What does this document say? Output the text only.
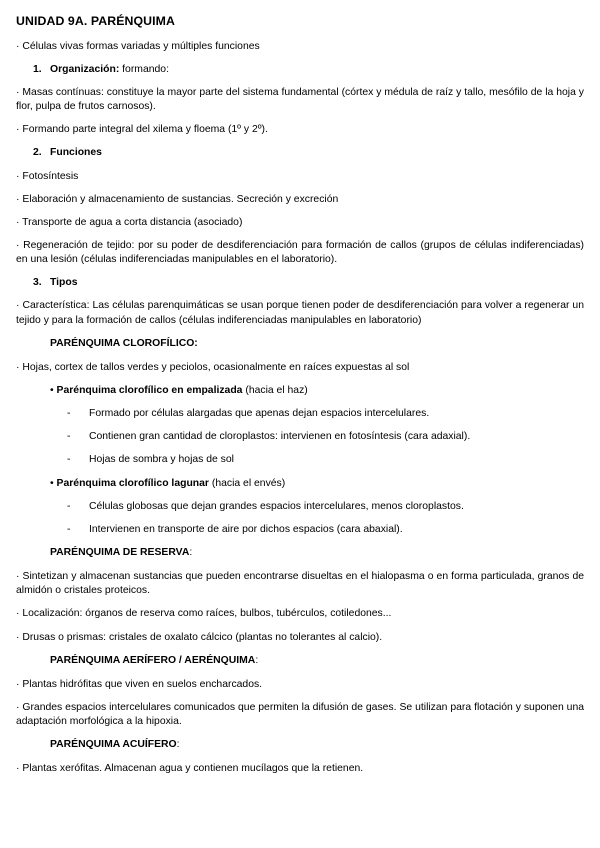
UNIDAD 9A. PARÉNQUIMA

· Células vivas formas variadas y múltiples funciones

1. Organización: formando:

· Masas contínuas: constituye la mayor parte del sistema fundamental (córtex y médula de raíz y tallo, mesófilo de la hoja y flor, pulpa de frutos carnosos).

· Formando parte integral del xilema y floema (1º y 2º).

2. Funciones

· Fotosíntesis

· Elaboración y almacenamiento de sustancias. Secreción y excreción

· Transporte de agua a corta distancia (asociado)

· Regeneración de tejido: por su poder de desdiferenciación para formación de callos (grupos de células indiferenciadas) en una lesión (células indiferenciadas manipulables en el laboratorio).

3. Tipos

· Característica: Las células parenquimáticas se usan porque tienen poder de desdiferenciación para volver a regenerar un tejido y para la formación de callos (células indiferenciadas manipulables en laboratorio)

PARÉNQUIMA CLOROFÍLICO:

· Hojas, cortex de tallos verdes y peciolos, ocasionalmente en raíces expuestas al sol

• Parénquima clorofílico en empalizada (hacia el haz)
-	Formado por células alargadas que apenas dejan espacios intercelulares.
-	Contienen gran cantidad de cloroplastos: intervienen en fotosíntesis (cara adaxial).
-	Hojas de sombra y hojas de sol
• Parénquima clorofílico lagunar (hacia el envés)
-	Células globosas que dejan grandes espacios intercelulares, menos cloroplastos.
-	Intervienen en transporte de aire por dichos espacios (cara abaxial).
PARÉNQUIMA DE RESERVA:

· Sintetizan y almacenan sustancias que pueden encontrarse disueltas en el hialopasma o en forma particulada, granos de almidón o cristales proteicos.

· Localización: órganos de reserva como raíces, bulbos, tubérculos, cotiledones...

· Drusas o prismas: cristales de oxalato cálcico (plantas no tolerantes al calcio).

PARÉNQUIMA AERÍFERO / AERÉNQUIMA:

· Plantas hidrófitas que viven en suelos encharcados.

· Grandes espacios intercelulares comunicados que permiten la difusión de gases. Se utilizan para flotación y suponen una adaptación morfológica a la hipoxia.

PARÉNQUIMA ACUÍFERO:

· Plantas xerófitas. Almacenan agua y contienen mucílagos que la retienen.
